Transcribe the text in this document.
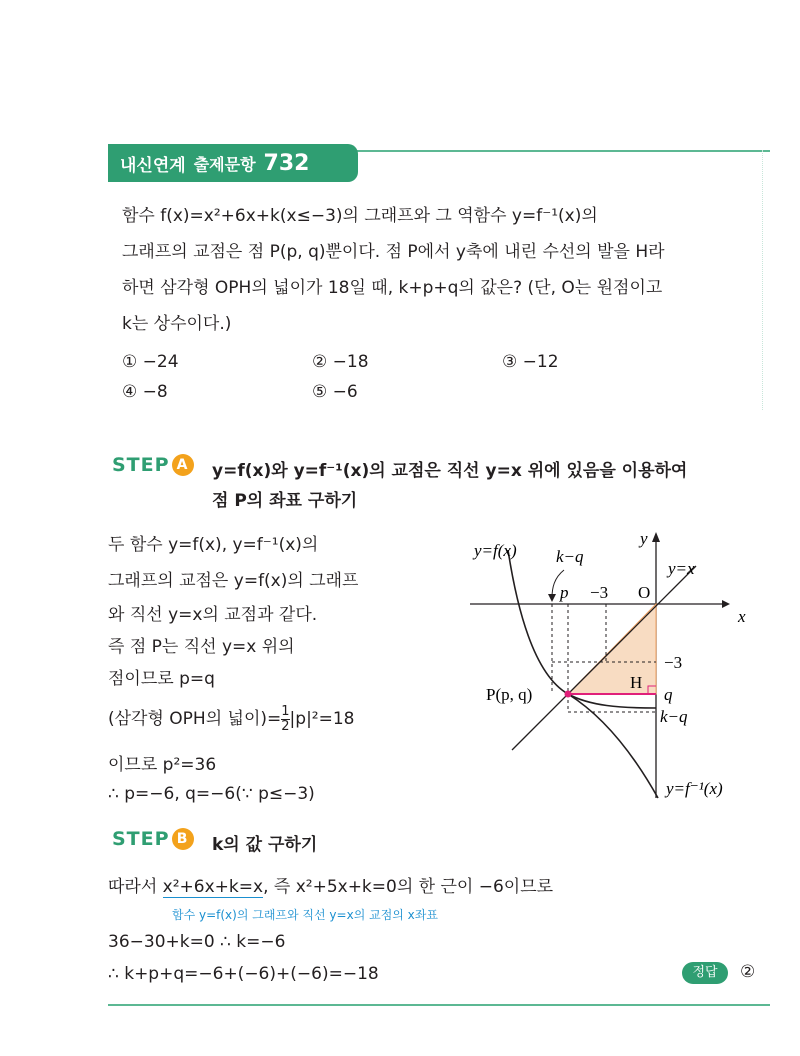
내신연계 출제문항 732

함수 f(x)=x²+6x+k(x≤−3)의 그래프와 그 역함수 y=f⁻¹(x)의

그래프의 교점은 점 P(p, q)뿐이다. 점 P에서 y축에 내린 수선의 발을 H라

하면 삼각형 OPH의 넓이가 18일 때, k+p+q의 값은? (단, O는 원점이고

k는 상수이다.)

① −24	② −18	③ −12
④ −8	⑤ −6
STEP A y=f(x)와 y=f⁻¹(x)의 교점은 직선 y=x 위에 있음을 이용하여
점 P의 좌표 구하기
두 함수 y=f(x), y=f⁻¹(x)의
그래프의 교점은 y=f(x)의 그래프
와 직선 y=x의 교점과 같다.
즉 점 P는 직선 y=x 위의
점이므로 p=q
(삼각형 OPH의 넓이)= $\frac{1}{2} |p|^2=18$
이므로 p²=36
∴ p=−6, q=−6(∵ p≤−3)
y=f(x) k−q
p −3 O
y
x
y=x
−3
H
q
k−q
P(p, q)
y=f⁻¹(x)
STEP B	k의 값 구하기
따라서 x²+6x+k=x, 즉 x²+5x+k=0의 한 근이 −6이므로
함수 y=f(x)의 그래프와 직선 y=x의 교점의 x좌표
36−30+k=0 ∴ k=−6
∴ k+p+q=−6+(−6)+(−6)=−18	정답	②
